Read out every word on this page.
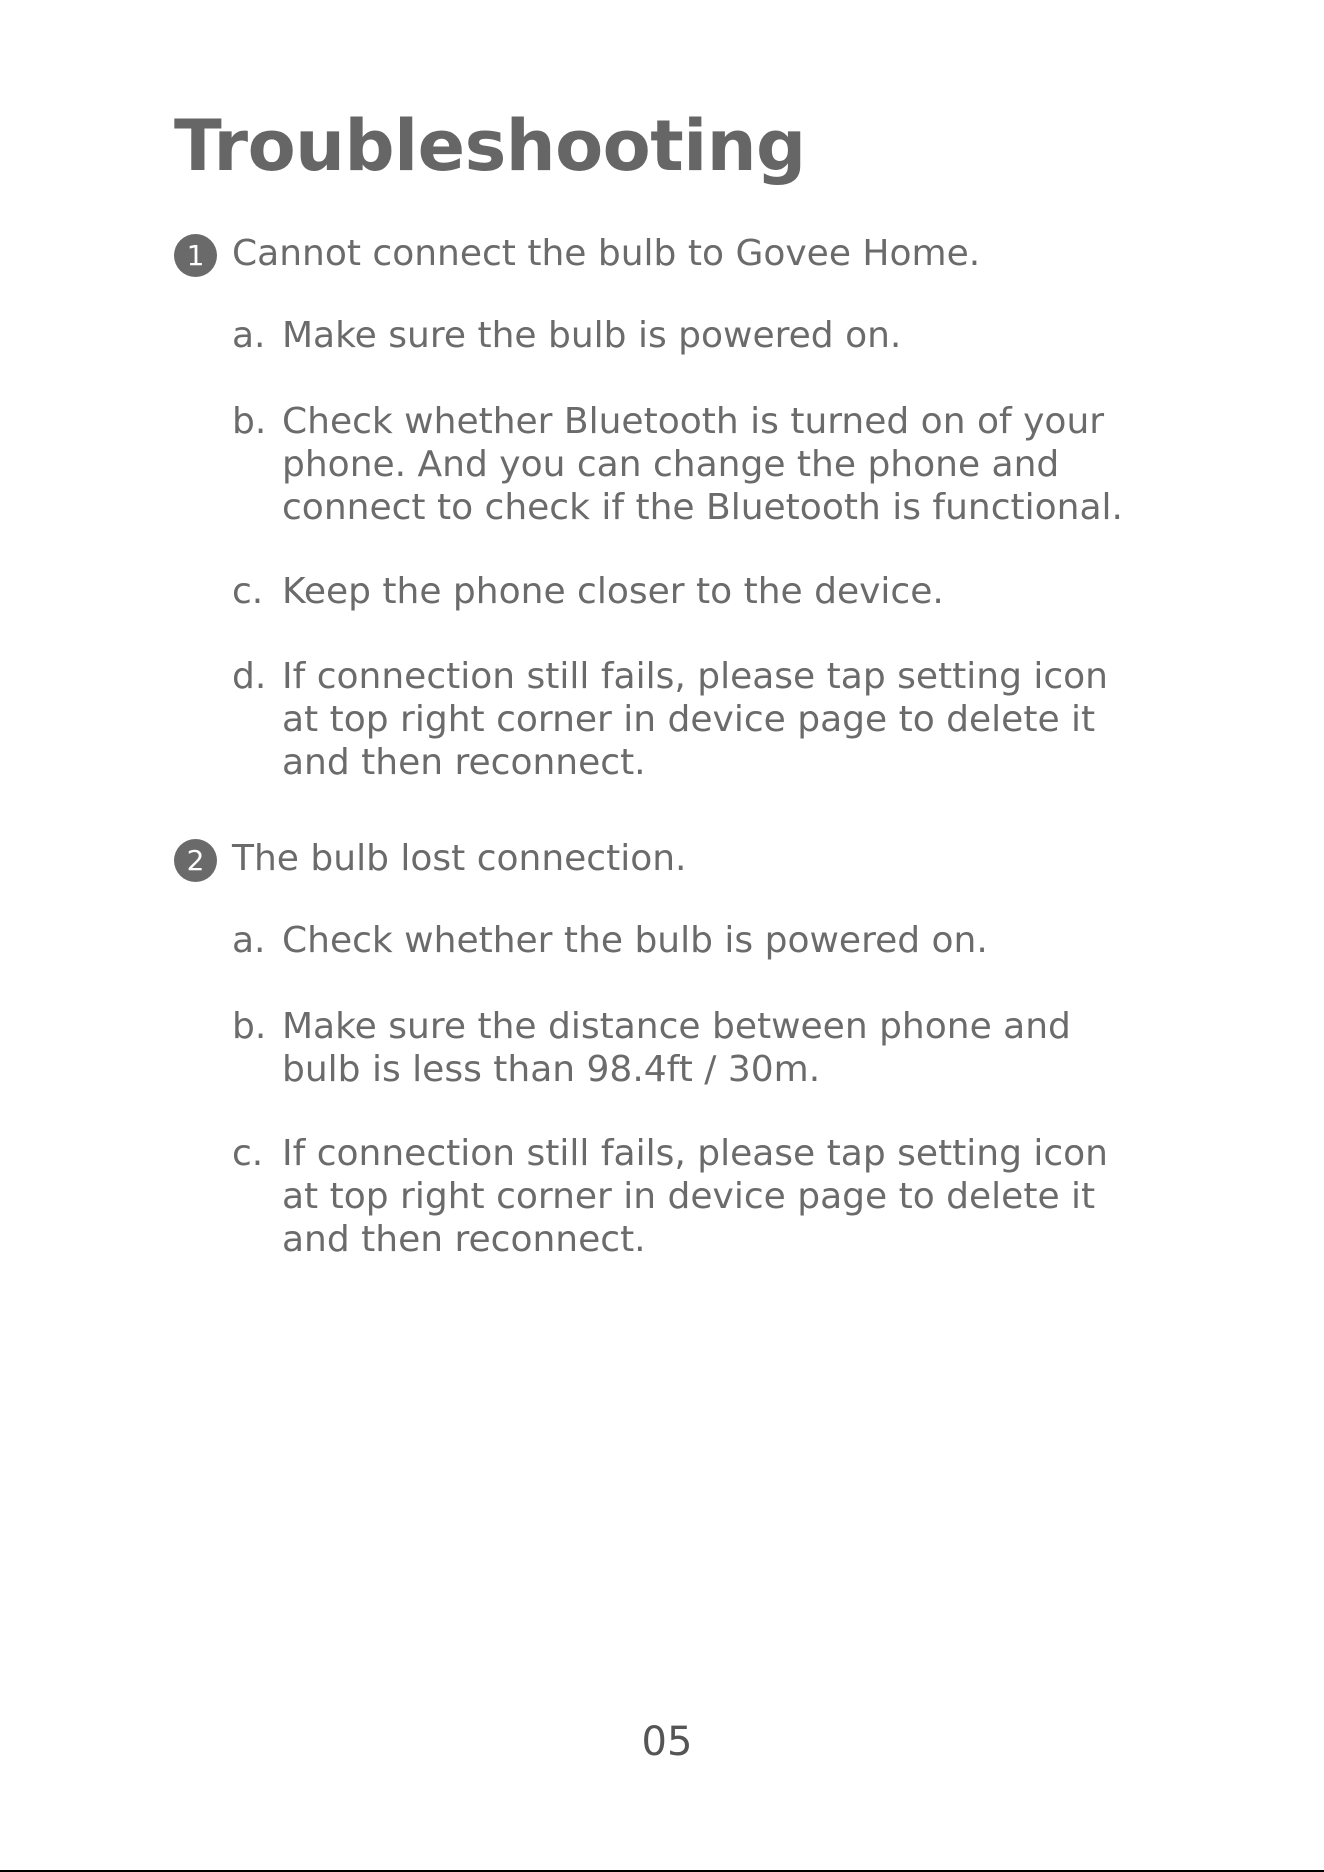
Troubleshooting
1 Cannot connect the bulb to Govee Home.
a. Make sure the bulb is powered on.
b. Check whether Bluetooth is turned on of your
phone. And you can change the phone and
connect to check if the Bluetooth is functional.
c. Keep the phone closer to the device.
d. If connection still fails, please tap setting icon
at top right corner in device page to delete it
and then reconnect.
2 The bulb lost connection.
a. Check whether the bulb is powered on.
b. Make sure the distance between phone and
bulb is less than 98.4ft / 30m.
c. If connection still fails, please tap setting icon
at top right corner in device page to delete it
and then reconnect.
05
